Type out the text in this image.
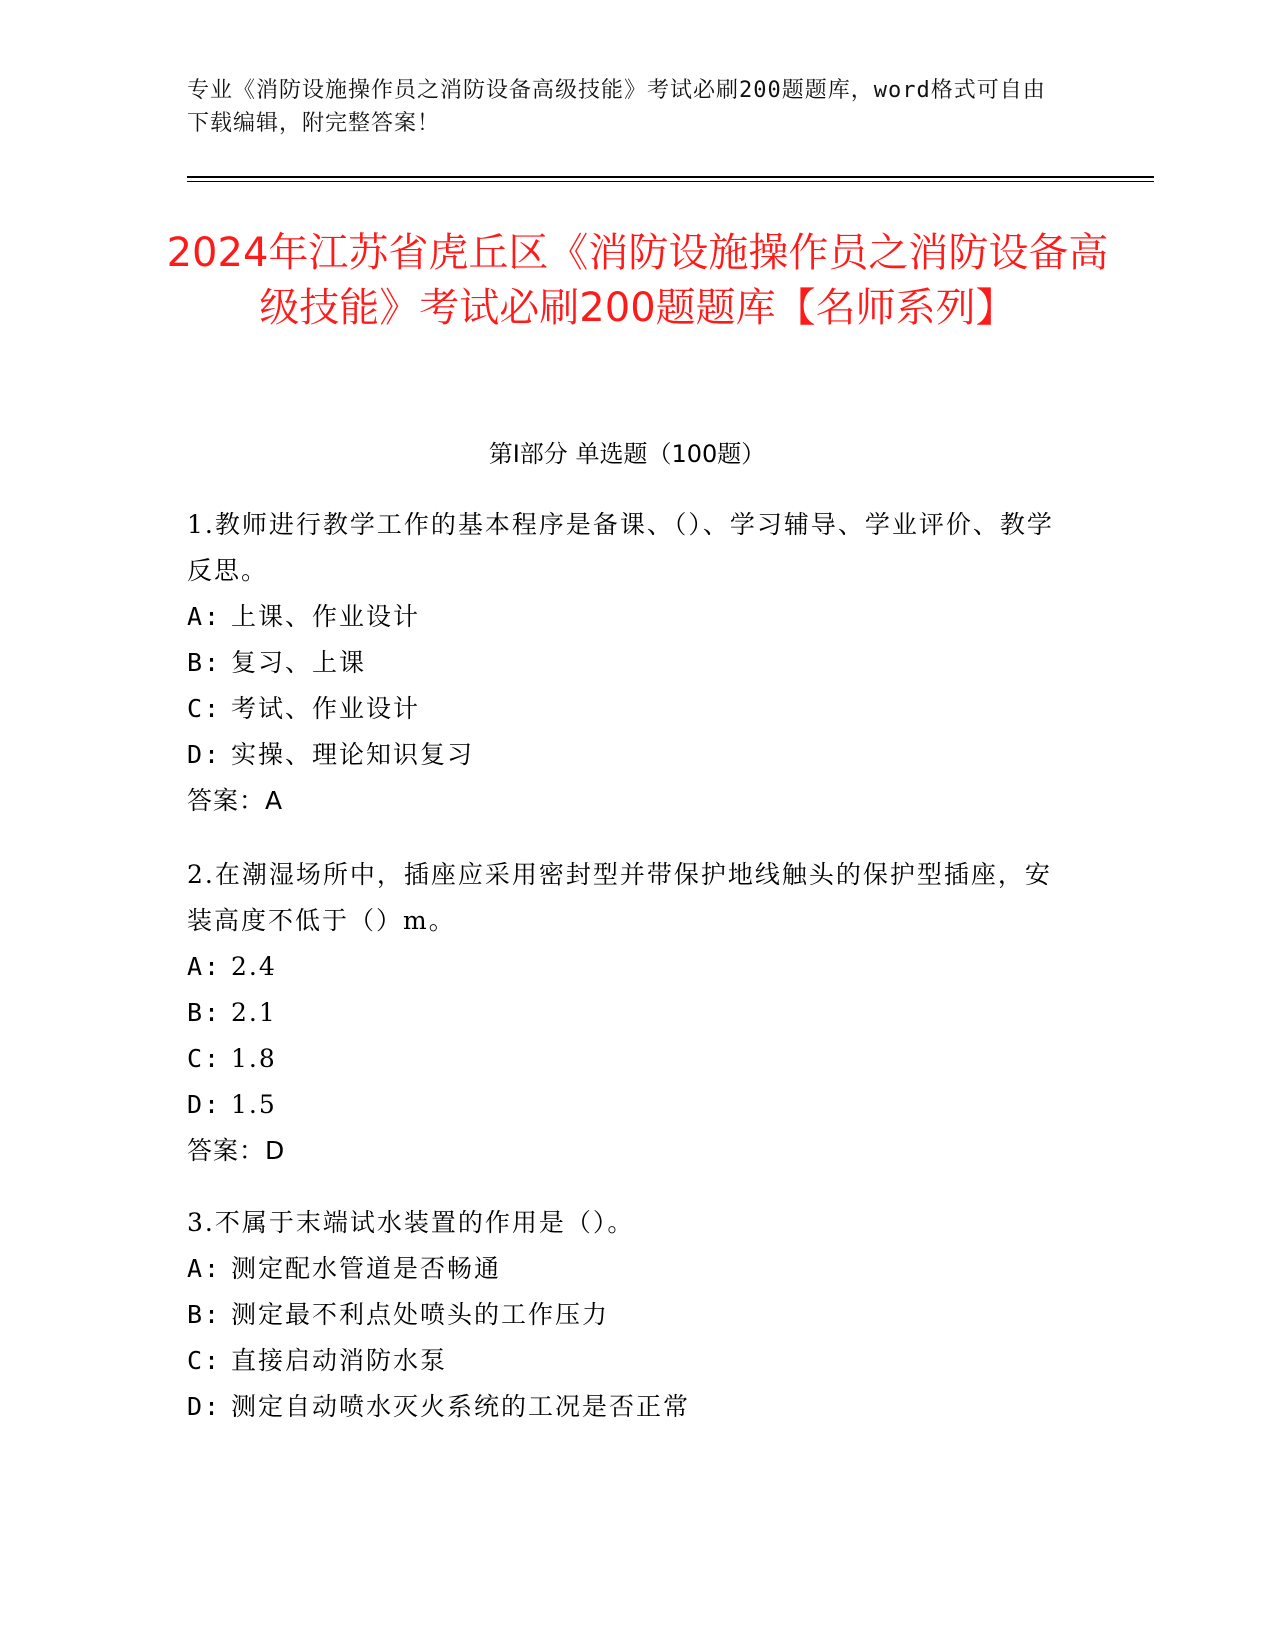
专业《消防设施操作员之消防设备高级技能》考试必刷200题题库，word格式可自由下载编辑，附完整答案！
2024年江苏省虎丘区《消防设施操作员之消防设备高级技能》考试必刷200题题库【名师系列】
第I部分 单选题（100题）

1.教师进行教学工作的基本程序是备课、（）、学习辅导、学业评价、教学反思。

A: 上课、作业设计

B: 复习、上课

C: 考试、作业设计

D: 实操、理论知识复习

答案：A

2.在潮湿场所中，插座应采用密封型并带保护地线触头的保护型插座，安装高度不低于（）m。

A: 2.4

B: 2.1

C: 1.8

D: 1.5

答案：D

3.不属于末端试水装置的作用是（）。

A: 测定配水管道是否畅通

B: 测定最不利点处喷头的工作压力

C: 直接启动消防水泵

D: 测定自动喷水灭火系统的工况是否正常
